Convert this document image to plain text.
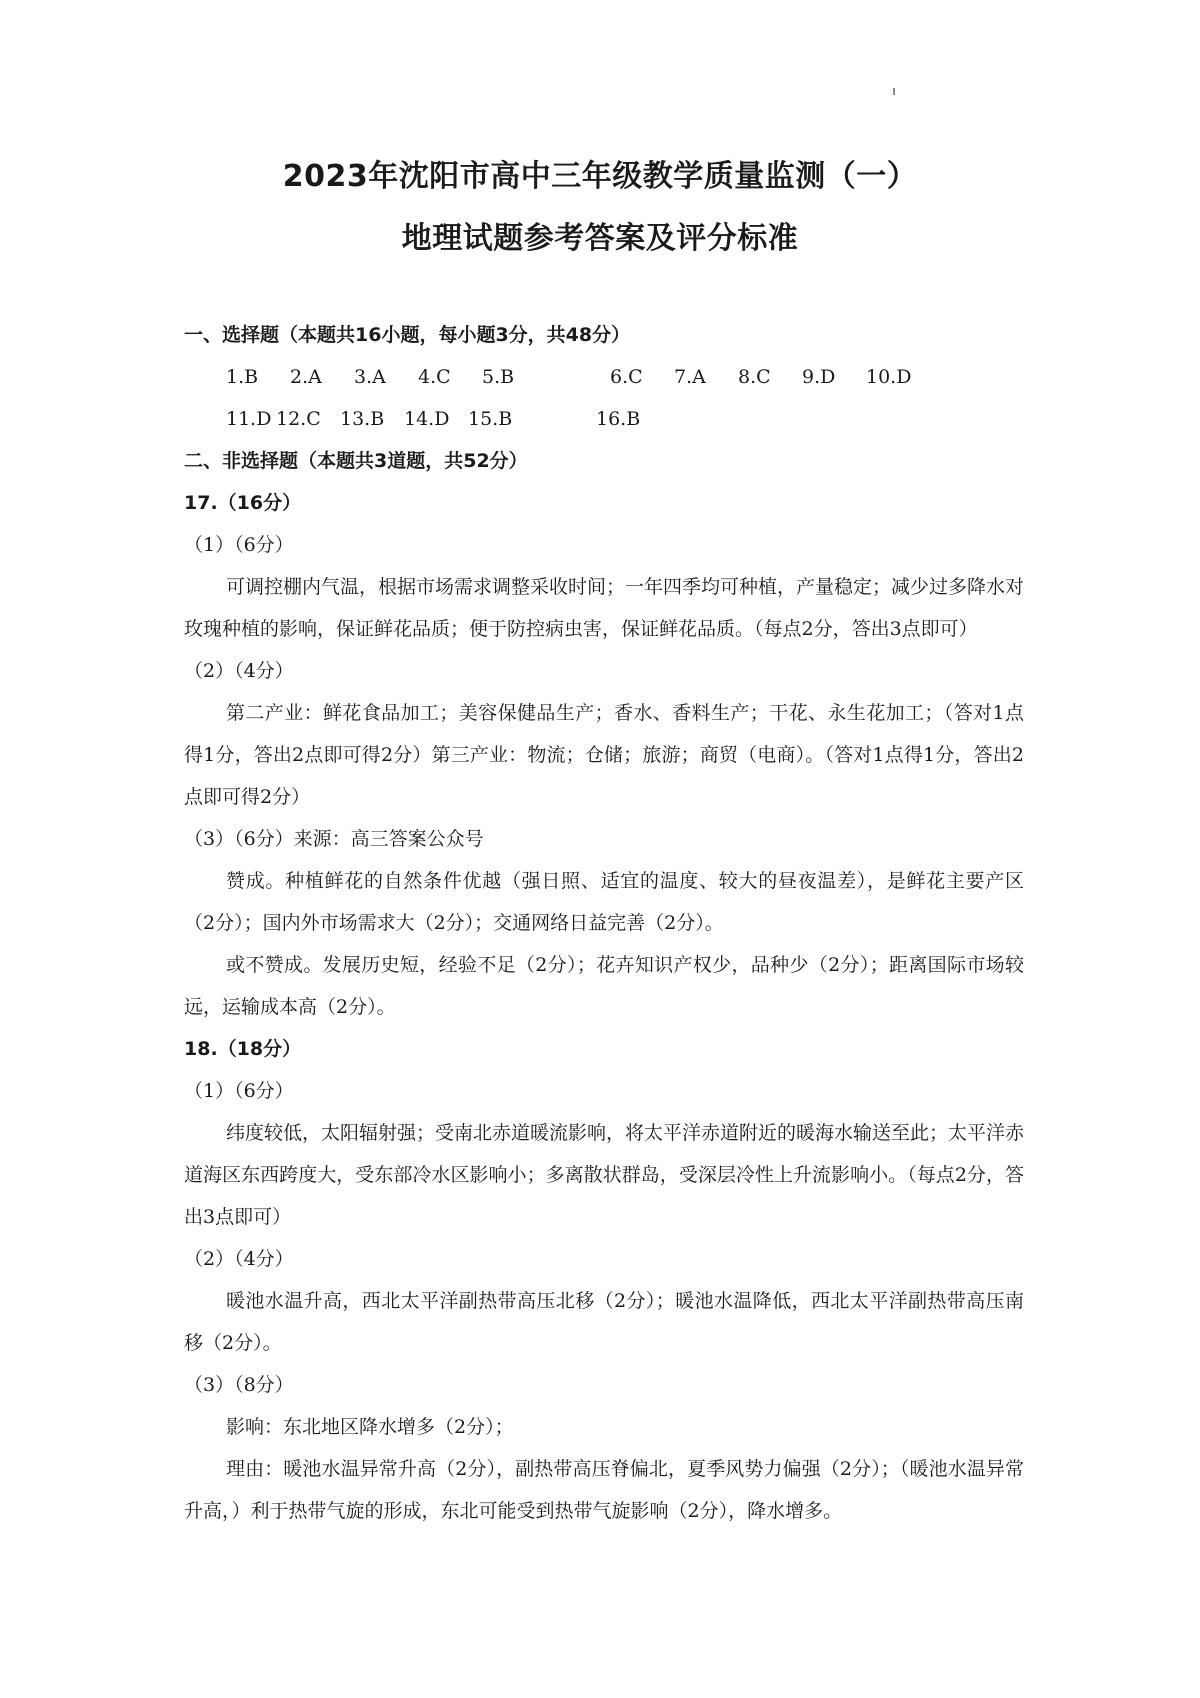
2023年沈阳市高中三年级教学质量监测（一）
地理试题参考答案及评分标准
一、选择题（本题共16小题，每小题3分，共48分）
1.B	2.A	3.A	4.C	5.B	6.C	7.A	8.C	9.D	10.D
11.D 12.C	13.B	14.D 15.B	16.B
二、非选择题（本题共3道题，共52分）
17.（16分）
（1）（6分）
可调控棚内气温，根据市场需求调整采收时间；一年四季均可种植，产量稳定；减少过多降水对玫瑰种植的影响，保证鲜花品质；便于防控病虫害，保证鲜花品质。（每点2分，答出3点即可）
（2）（4分）
第二产业：鲜花食品加工；美容保健品生产；香水、香料生产；干花、永生花加工；（答对1点得1分，答出2点即可得2分）第三产业：物流；仓储；旅游；商贸（电商）。（答对1点得1分，答出2点即可得2分）
（3）（6分）来源：高三答案公众号
赞成。种植鲜花的自然条件优越（强日照、适宜的温度、较大的昼夜温差），是鲜花主要产区（2分）；国内外市场需求大（2分）；交通网络日益完善（2分）。
或不赞成。发展历史短，经验不足（2分）；花卉知识产权少，品种少（2分）；距离国际市场较远，运输成本高（2分）。
18.（18分）
（1）（6分）
纬度较低，太阳辐射强；受南北赤道暖流影响，将太平洋赤道附近的暖海水输送至此；太平洋赤道海区东西跨度大，受东部冷水区影响小；多离散状群岛，受深层冷性上升流影响小。（每点2分，答出3点即可）
（2）（4分）
暖池水温升高，西北太平洋副热带高压北移（2分）；暖池水温降低，西北太平洋副热带高压南移（2分）。
（3）（8分）
影响：东北地区降水增多（2分）；
理由：暖池水温异常升高（2分），副热带高压脊偏北，夏季风势力偏强（2分）；（暖池水温异常升高，）利于热带气旋的形成，东北可能受到热带气旋影响（2分），降水增多。
